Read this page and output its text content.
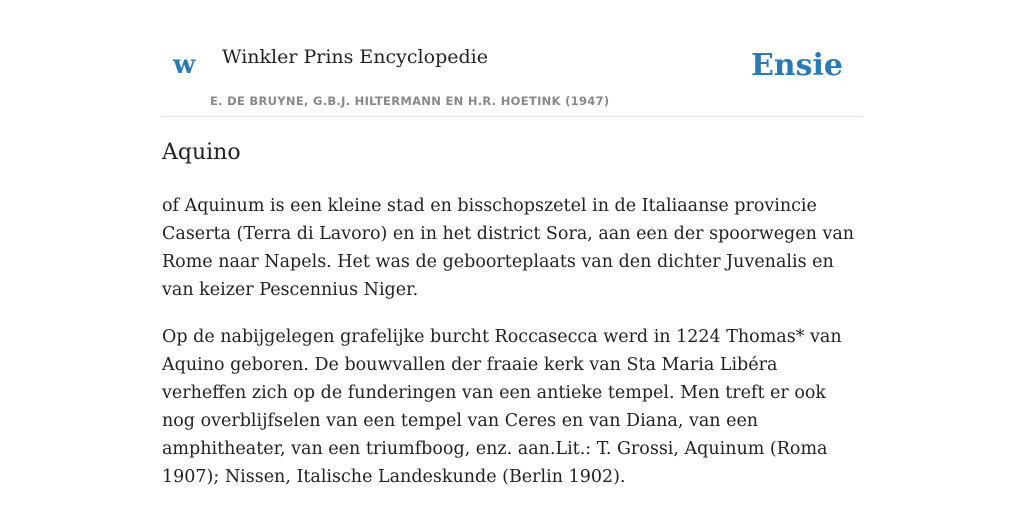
w Winkler Prins Encyclopedie
E. DE BRUYNE, G.B.J. HILTERMANN EN H.R. HOETINK (1947)
Ensie
Aquino

of Aquinum is een kleine stad en bisschopszetel in de Italiaanse provincie Caserta (Terra di Lavoro) en in het district Sora, aan een der spoorwegen van Rome naar Napels. Het was de geboorteplaats van den dichter Juvenalis en van keizer Pescennius Niger.

Op de nabijgelegen grafelijke burcht Roccasecca werd in 1224 Thomas* van Aquino geboren. De bouwvallen der fraaie kerk van Sta Maria Libéra verheffen zich op de funderingen van een antieke tempel. Men treft er ook nog overblijfselen van een tempel van Ceres en van Diana, van een amphitheater, van een triumfboog, enz. aan.Lit.: T. Grossi, Aquinum (Roma 1907); Nissen, Italische Landeskunde (Berlin 1902).
